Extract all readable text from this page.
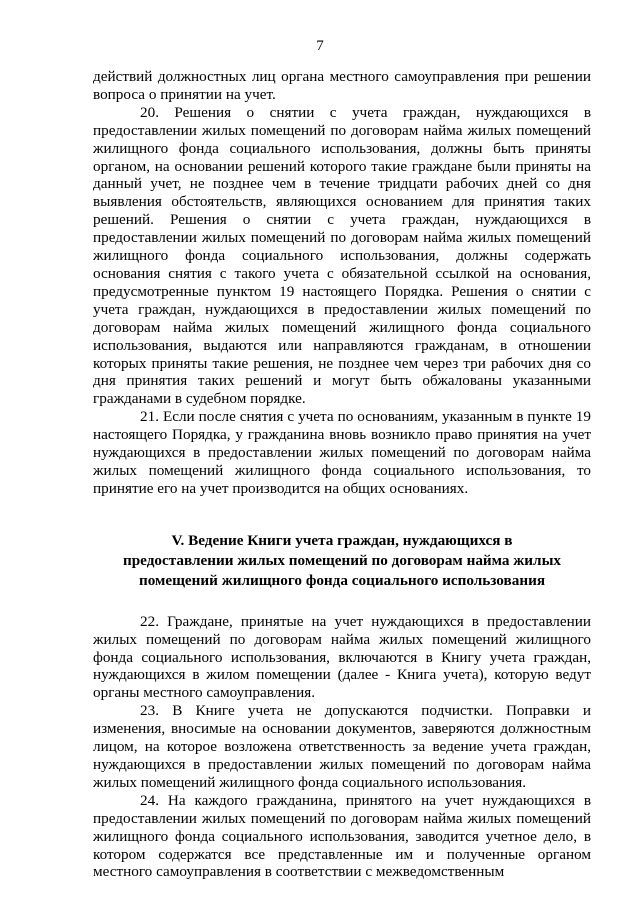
7

действий должностных лиц органа местного самоуправления при решении вопроса о принятии на учет.

20. Решения о снятии с учета граждан, нуждающихся в предоставлении жилых помещений по договорам найма жилых помещений жилищного фонда социального использования, должны быть приняты органом, на основании решений которого такие граждане были приняты на данный учет, не позднее чем в течение тридцати рабочих дней со дня выявления обстоятельств, являющихся основанием для принятия таких решений. Решения о снятии с учета граждан, нуждающихся в предоставлении жилых помещений по договорам найма жилых помещений жилищного фонда социального использования, должны содержать основания снятия с такого учета с обязательной ссылкой на основания, предусмотренные пунктом 19 настоящего Порядка. Решения о снятии с учета граждан, нуждающихся в предоставлении жилых помещений по договорам найма жилых помещений жилищного фонда социального использования, выдаются или направляются гражданам, в отношении которых приняты такие решения, не позднее чем через три рабочих дня со дня принятия таких решений и могут быть обжалованы указанными гражданами в судебном порядке.

21. Если после снятия с учета по основаниям, указанным в пункте 19 настоящего Порядка, у гражданина вновь возникло право принятия на учет нуждающихся в предоставлении жилых помещений по договорам найма жилых помещений жилищного фонда социального использования, то принятие его на учет производится на общих основаниях.

V. Ведение Книги учета граждан, нуждающихся в
предоставлении жилых помещений по договорам найма жилых
помещений жилищного фонда социального использования

22. Граждане, принятые на учет нуждающихся в предоставлении жилых помещений по договорам найма жилых помещений жилищного фонда социального использования, включаются в Книгу учета граждан, нуждающихся в жилом помещении (далее - Книга учета), которую ведут органы местного самоуправления.

23. В Книге учета не допускаются подчистки. Поправки и изменения, вносимые на основании документов, заверяются должностным лицом, на которое возложена ответственность за ведение учета граждан, нуждающихся в предоставлении жилых помещений по договорам найма жилых помещений жилищного фонда социального использования.

24. На каждого гражданина, принятого на учет нуждающихся в предоставлении жилых помещений по договорам найма жилых помещений жилищного фонда социального использования, заводится учетное дело, в котором содержатся все представленные им и полученные органом местного самоуправления в соответствии с межведомственным
